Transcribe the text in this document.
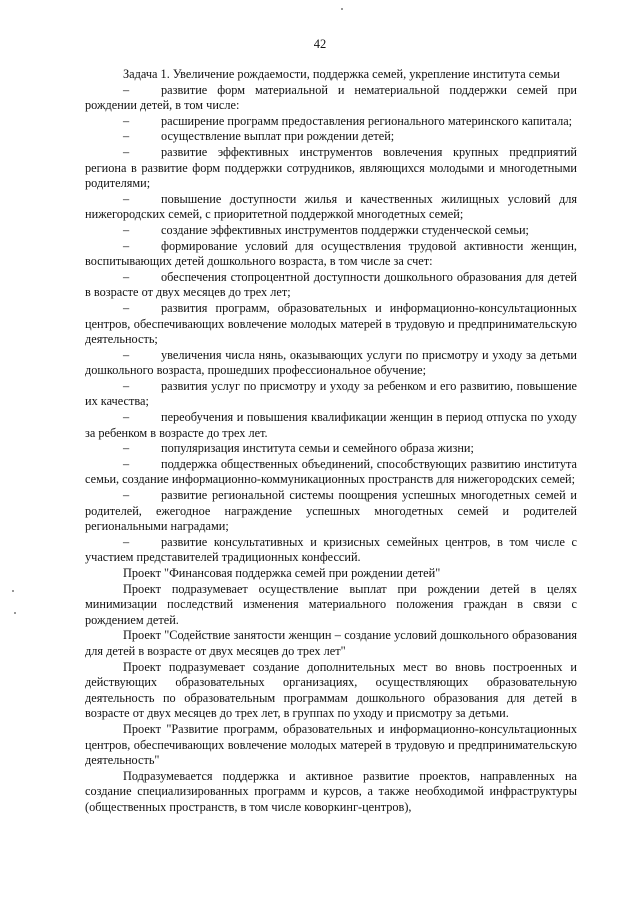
42

Задача 1. Увеличение рождаемости, поддержка семей, укрепление института семьи

–	развитие форм материальной и нематериальной поддержки семей при рождении детей, в том числе:

–	расширение программ предоставления регионального материнского капитала;

–	осуществление выплат при рождении детей;

–	развитие эффективных инструментов вовлечения крупных предприятий региона в развитие форм поддержки сотрудников, являющихся молодыми и многодетными родителями;

–	повышение доступности жилья и качественных жилищных условий для нижегородских семей, с приоритетной поддержкой многодетных семей;

–	создание эффективных инструментов поддержки студенческой семьи;

–	формирование условий для осуществления трудовой активности женщин, воспитывающих детей дошкольного возраста, в том числе за счет:

–	обеспечения стопроцентной доступности дошкольного образования для детей в возрасте от двух месяцев до трех лет;

–	развития программ, образовательных и информационно-консультационных центров, обеспечивающих вовлечение молодых матерей в трудовую и предпринимательскую деятельность;

–	увеличения числа нянь, оказывающих услуги по присмотру и уходу за детьми дошкольного возраста, прошедших профессиональное обучение;

–	развития услуг по присмотру и уходу за ребенком и его развитию, повышение их качества;

–	переобучения и повышения квалификации женщин в период отпуска по уходу за ребенком в возрасте до трех лет.

–	популяризация института семьи и семейного образа жизни;

–	поддержка общественных объединений, способствующих развитию института семьи, создание информационно-коммуникационных пространств для нижегородских семей;

–	развитие региональной системы поощрения успешных многодетных семей и родителей, ежегодное награждение успешных многодетных семей и родителей региональными наградами;

–	развитие консультативных и кризисных семейных центров, в том числе с участием представителей традиционных конфессий.

Проект "Финансовая поддержка семей при рождении детей"

Проект подразумевает осуществление выплат при рождении детей в целях минимизации последствий изменения материального положения граждан в связи с рождением детей.

Проект "Содействие занятости женщин – создание условий дошкольного образования для детей в возрасте от двух месяцев до трех лет"

Проект подразумевает создание дополнительных мест во вновь построенных и действующих образовательных организациях, осуществляющих образовательную деятельность по образовательным программам дошкольного образования для детей в возрасте от двух месяцев до трех лет, в группах по уходу и присмотру за детьми.

Проект "Развитие программ, образовательных и информационно-консультационных центров, обеспечивающих вовлечение молодых матерей в трудовую и предпринимательскую деятельность"

Подразумевается поддержка и активное развитие проектов, направленных на создание специализированных программ и курсов, а также необходимой инфраструктуры (общественных пространств, в том числе коворкинг-центров),
